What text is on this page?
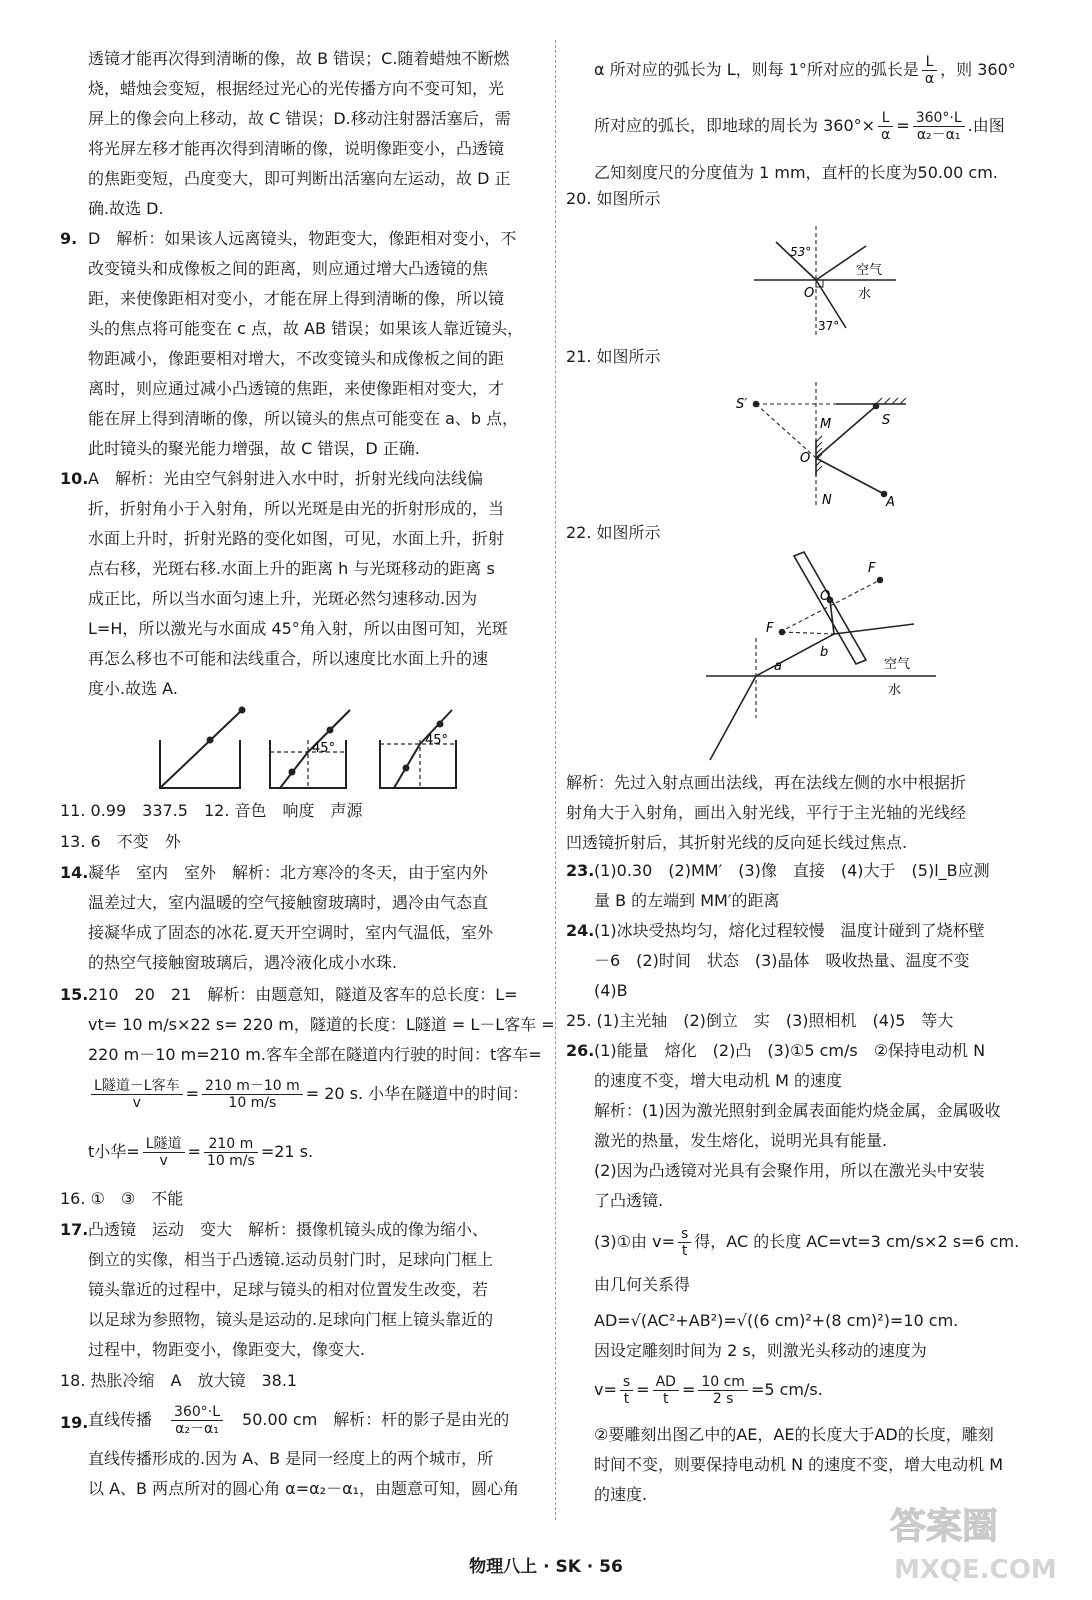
透镜才能再次得到清晰的像，故 B 错误；C.随着蜡烛不断燃
烧，蜡烛会变短，根据经过光心的光传播方向不变可知，光
屏上的像会向上移动，故 C 错误；D.移动注射器活塞后，需
将光屏左移才能再次得到清晰的像，说明像距变小，凸透镜
的焦距变短，凸度变大，即可判断出活塞向左运动，故 D 正
确.故选 D.
9. D　解析：如果该人远离镜头，物距变大，像距相对变小，不
改变镜头和成像板之间的距离，则应通过增大凸透镜的焦
距，来使像距相对变小，才能在屏上得到清晰的像，所以镜
头的焦点将可能变在 c 点，故 AB 错误；如果该人靠近镜头，
物距减小，像距要相对增大，不改变镜头和成像板之间的距
离时，则应通过减小凸透镜的焦距，来使像距相对变大，才
能在屏上得到清晰的像，所以镜头的焦点可能变在 a、b 点，
此时镜头的聚光能力增强，故 C 错误，D 正确.
10. A　解析：光由空气斜射进入水中时，折射光线向法线偏
折，折射角小于入射角，所以光斑是由光的折射形成的，当
水面上升时，折射光路的变化如图，可见，水面上升，折射
点右移，光斑右移.水面上升的距离 h 与光斑移动的距离 s
成正比，所以当水面匀速上升，光斑必然匀速移动.因为
L=H，所以激光与水面成 45°角入射，所以由图可知，光斑
再怎么移也不可能和法线重合，所以速度比水面上升的速
度小.故选 A.
45°
45°
11. 0.99　337.5　12. 音色　响度　声源
13. 6　不变　外
14. 凝华　室内　室外　解析：北方寒冷的冬天，由于室内外
温差过大，室内温暖的空气接触窗玻璃时，遇冷由气态直
接凝华成了固态的冰花.夏天开空调时，室内气温低，室外
的热空气接触窗玻璃后，遇冷液化成小水珠.
15. 210　20　21　解析：由题意知，隧道及客车的总长度：L=
vt= 10 m/s×22 s= 220 m，隧道的长度：L隧道 = L－L客车 =
220 m－10 m=210 m.客车全部在隧道内行驶的时间：t客车=
$\frac{\text{L隧道－L客车}}{v} = \frac{210 m-10 m}{10 m/s} = 20$ s. 小华在隧道中的时间：
t小华= $\frac{\text{L隧道}}{v} = \frac{210 m}{10 m/s} =21$ s.
16. ①　③　不能
17. 凸透镜　运动　变大　解析：摄像机镜头成的像为缩小、
倒立的实像，相当于凸透镜.运动员射门时，足球向门框上
镜头靠近的过程中，足球与镜头的相对位置发生改变，若
以足球为参照物，镜头是运动的.足球向门框上镜头靠近的
过程中，物距变小，像距变大，像变大.
18. 热胀冷缩　A　放大镜　38.1
19. 直线传播　 $\frac{360^\circ\cdot L}{\text{α₂－α₁}}$
　 50.00 cm　解析：杆的影子是由光的
直线传播形成的.因为 A、B 是同一经度上的两个城市，所
以 A、B 两点所对的圆心角 α=α₂－α₁，由题意可知，圆心角
α 所对应的弧长为 L，则每 1°所对应的弧长是 $\frac{L}{\alpha}$ ，则 360°
所对应的弧长，即地球的周长为 $360^\circ\times \frac{L}{\alpha} = \frac{360^\circ\cdot L}{\text{α₂－α₁}}$ .由图
乙知刻度尺的分度值为 1 mm，直杆的长度为50.00 cm.
20. 如图所示
53°
37°
O
空气
水
21. 如图所示
S′
S
M
O
N	A
22. 如图所示
F
F
O
a
b
空气
水
解析：先过入射点画出法线，再在法线左侧的水中根据折
射角大于入射角，画出入射光线，平行于主光轴的光线经
凹透镜折射后，其折射光线的反向延长线过焦点.
23. (1)0.30　(2)MM′　(3)像　直接　(4)大于　(5)l_B应测
量 B 的左端到 MM′的距离
24. (1)冰块受热均匀，熔化过程较慢　温度计碰到了烧杯壁
－6　(2)时间　状态　(3)晶体　吸收热量、温度不变
(4)B
25. (1)主光轴　(2)倒立　实　(3)照相机　(4)5　等大
26. (1)能量　熔化　(2)凸　(3)①5 cm/s　②保持电动机 N
的速度不变，增大电动机 M 的速度
解析：(1)因为激光照射到金属表面能灼烧金属，金属吸收
激光的热量，发生熔化，说明光具有能量.
(2)因为凸透镜对光具有会聚作用，所以在激光头中安装
了凸透镜.
(3)①由 $v= \frac{s}{t}$ 得，AC 的长度 AC=vt=3 cm/s×2 s=6 cm.
由几何关系得
AD=√(AC²+AB²)=√((6 cm)²+(8 cm)²)=10 cm.
因设定雕刻时间为 2 s，则激光头移动的速度为
$v= \frac{s}{t} = \frac{AD}{t} = \frac{10 cm}{2 s} =5$ cm/s.
②要雕刻出图乙中的AE，AE的长度大于AD的长度，雕刻
时间不变，则要保持电动机 N 的速度不变，增大电动机 M
的速度.
物理八上 · SK · 56
答案圈
MXQE.COM
